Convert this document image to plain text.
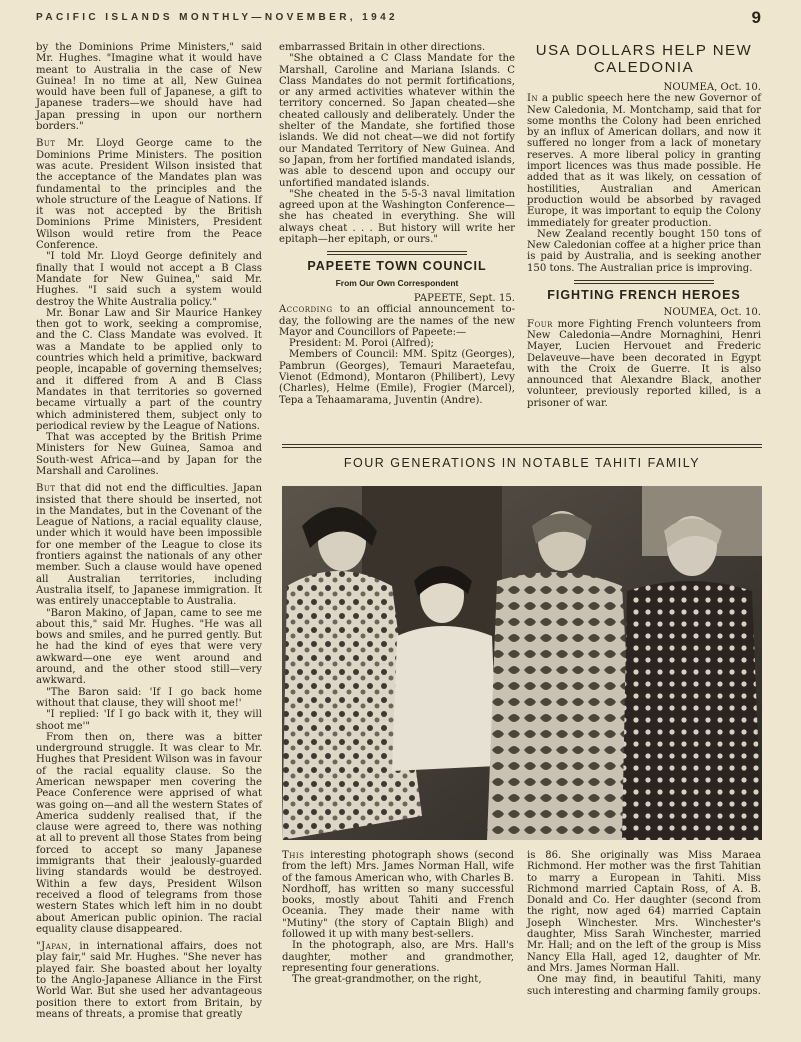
PACIFIC ISLANDS MONTHLY—NOVEMBER, 1942	9

by the Dominions Prime Ministers," said Mr. Hughes. "Imagine what it would have meant to Australia in the case of New Guinea! In no time at all, New Guinea would have been full of Japanese, a gift to Japanese traders—we should have had Japan pressing in upon our northern borders."

But Mr. Lloyd George came to the Dominions Prime Ministers. The position was acute. President Wilson insisted that the acceptance of the Mandates plan was fundamental to the principles and the whole structure of the League of Nations. If it was not accepted by the British Dominions Prime Ministers, President Wilson would retire from the Peace Conference.

"I told Mr. Lloyd George definitely and finally that I would not accept a B Class Mandate for New Guinea," said Mr. Hughes. "I said such a system would destroy the White Australia policy."

Mr. Bonar Law and Sir Maurice Hankey then got to work, seeking a compromise, and the C. Class Mandate was evolved. It was a Mandate to be applied only to countries which held a primitive, backward people, incapable of governing themselves; and it differed from A and B Class Mandates in that territories so governed became virtually a part of the country which administered them, subject only to periodical review by the League of Nations.

That was accepted by the British Prime Ministers for New Guinea, Samoa and South-west Africa—and by Japan for the Marshall and Carolines.

But that did not end the difficulties. Japan insisted that there should be inserted, not in the Mandates, but in the Covenant of the League of Nations, a racial equality clause, under which it would have been impossible for one member of the League to close its frontiers against the nationals of any other member. Such a clause would have opened all Australian territories, including Australia itself, to Japanese immigration. It was entirely unacceptable to Australia.

"Baron Makino, of Japan, came to see me about this," said Mr. Hughes. "He was all bows and smiles, and he purred gently. But he had the kind of eyes that were very awkward—one eye went around and around, and the other stood still—very awkward.

"The Baron said: 'If I go back home without that clause, they will shoot me!'

"I replied: 'If I go back with it, they will shoot me'"

From then on, there was a bitter underground struggle. It was clear to Mr. Hughes that President Wilson was in favour of the racial equality clause. So the American newspaper men covering the Peace Conference were apprised of what was going on—and all the western States of America suddenly realised that, if the clause were agreed to, there was nothing at all to prevent all those States from being forced to accept so many Japanese immigrants that their jealously-guarded living standards would be destroyed. Within a few days, President Wilson received a flood of telegrams from those western States which left him in no doubt about American public opinion. The racial equality clause disappeared.

"Japan, in international affairs, does not play fair," said Mr. Hughes. "She never has played fair. She boasted about her loyalty to the Anglo-Japanese Alliance in the First World War. But she used her advantageous position there to extort from Britain, by means of threats, a promise that greatly

embarrassed Britain in other directions.

"She obtained a C Class Mandate for the Marshall, Caroline and Mariana Islands. C Class Mandates do not permit fortifications, or any armed activities whatever within the territory concerned. So Japan cheated—she cheated callously and deliberately. Under the shelter of the Mandate, she fortified those islands. We did not cheat—we did not fortify our Mandated Territory of New Guinea. And so Japan, from her fortified mandated islands, was able to descend upon and occupy our unfortified mandated islands.

"She cheated in the 5-5-3 naval limitation agreed upon at the Washington Conference—she has cheated in everything. She will always cheat . . . But history will write her epitaph—her epitaph, or ours."

PAPEETE TOWN COUNCIL
From Our Own Correspondent

PAPEETE, Sept. 15.

According to an official announcement to-day, the following are the names of the new Mayor and Councillors of Papeete:—

President: M. Poroi (Alfred);

Members of Council: MM. Spitz (Georges), Pambrun (Georges), Temauri Maraetefau, Vienot (Edmond), Montaron (Philibert), Levy (Charles), Helme (Emile), Frogier (Marcel), Tepa a Tehaamarama, Juventin (Andre).

USA DOLLARS HELP NEW
CALEDONIA

NOUMEA, Oct. 10.

In a public speech here the new Governor of New Caledonia, M. Montchamp, said that for some months the Colony had been enriched by an influx of American dollars, and now it suffered no longer from a lack of monetary reserves. A more liberal policy in granting import licences was thus made possible. He added that as it was likely, on cessation of hostilities, Australian and American production would be absorbed by ravaged Europe, it was important to equip the Colony immediately for greater production.

New Zealand recently bought 150 tons of New Caledonian coffee at a higher price than is paid by Australia, and is seeking another 150 tons. The Australian price is improving.

FIGHTING FRENCH HEROES

NOUMEA, Oct. 10.

Four more Fighting French volunteers from New Caledonia—Andre Mornaghini, Henri Mayer, Lucien Hervouet and Frederic Delaveuve—have been decorated in Egypt with the Croix de Guerre. It is also announced that Alexandre Black, another volunteer, previously reported killed, is a prisoner of war.

FOUR GENERATIONS IN NOTABLE TAHITI FAMILY

This interesting photograph shows (second from the left) Mrs. James Norman Hall, wife of the famous American who, with Charles B. Nordhoff, has written so many successful books, mostly about Tahiti and French Oceania. They made their name with "Mutiny" (the story of Captain Bligh) and followed it up with many best-sellers.

In the photograph, also, are Mrs. Hall's daughter, mother and grandmother, representing four generations.

The great-grandmother, on the right,

is 86. She originally was Miss Maraea Richmond. Her mother was the first Tahitian to marry a European in Tahiti. Miss Richmond married Captain Ross, of A. B. Donald and Co. Her daughter (second from the right, now aged 64) married Captain Joseph Winchester. Mrs. Winchester's daughter, Miss Sarah Winchester, married Mr. Hall; and on the left of the group is Miss Nancy Ella Hall, aged 12, daughter of Mr. and Mrs. James Norman Hall.

One may find, in beautiful Tahiti, many such interesting and charming family groups.
